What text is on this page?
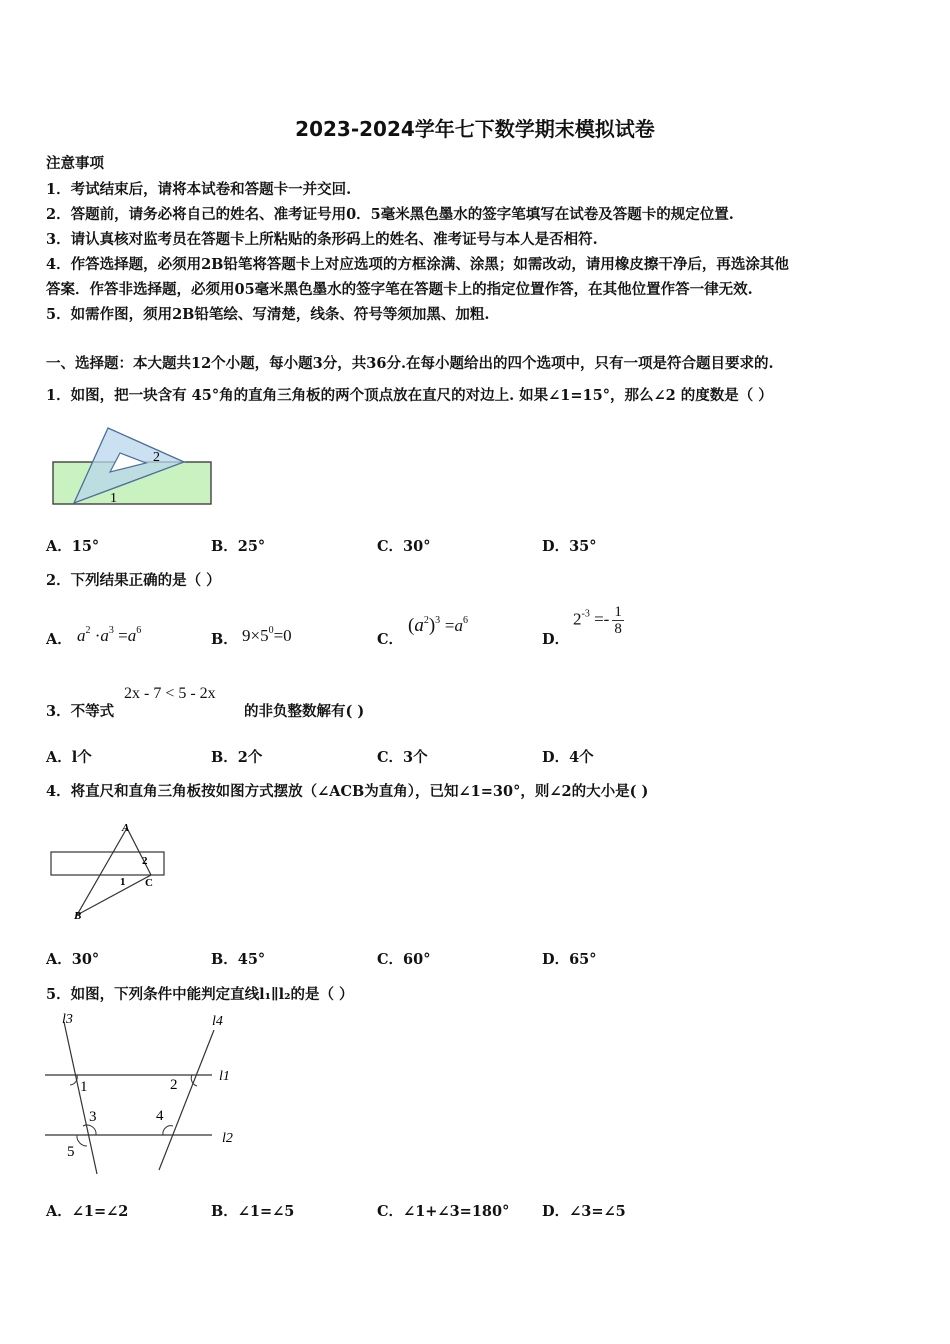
2023-2024学年七下数学期末模拟试卷
注意事项
1．考试结束后，请将本试卷和答题卡一并交回.
2．答题前，请务必将自己的姓名、准考证号用0．5毫米黑色墨水的签字笔填写在试卷及答题卡的规定位置.
3．请认真核对监考员在答题卡上所粘贴的条形码上的姓名、准考证号与本人是否相符.
4．作答选择题，必须用2B铅笔将答题卡上对应选项的方框涂满、涂黑；如需改动，请用橡皮擦干净后，再选涂其他
答案．作答非选择题，必须用05毫米黑色墨水的签字笔在答题卡上的指定位置作答，在其他位置作答一律无效.
5．如需作图，须用2B铅笔绘、写清楚，线条、符号等须加黑、加粗.
一、选择题：本大题共12个小题，每小题3分，共36分.在每小题给出的四个选项中，只有一项是符合题目要求的.
1．如图，把一块含有 45°角的直角三角板的两个顶点放在直尺的对边上. 如果∠1=15°，那么∠2 的度数是（ ）
1
2
A．15°	B．25°	C．30°	D．35°
2．下列结果正确的是（ ）
A． $a^2 \cdot a^3 =a^6$
B． $9\times 5^0=0$	C．
$(a^2)^3 =a^6$
D．
$2^{-3} =- \frac{1}{8}$
3．不等式
2x - 7 < 5 - 2x
的非负整数解有( )
A．l个	B．2个	C．3个	D．4个
4．将直尺和直角三角板按如图方式摆放（∠ACB为直角），已知∠1=30°，则∠2的大小是( )
A
B
C
1
2
A．30°	B．45°	C．60°	D．65°
5．如图，下列条件中能判定直线l₁∥l₂的是（ ）
l3	l4
l1
l2
1	2
3	4
5
A．∠1=∠2	B．∠1=∠5	C．∠1+∠3=180° D．∠3=∠5
